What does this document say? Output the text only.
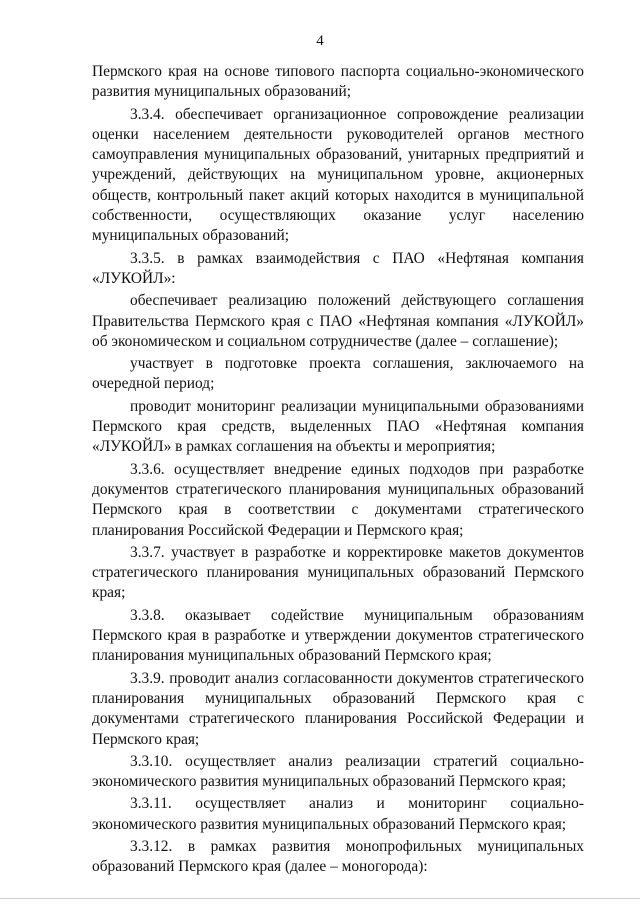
4

Пермского края на основе типового паспорта социально-экономического развития муниципальных образований;

3.3.4. обеспечивает организационное сопровождение реализации оценки населением деятельности руководителей органов местного самоуправления муниципальных образований, унитарных предприятий и учреждений, действующих на муниципальном уровне, акционерных обществ, контрольный пакет акций которых находится в муниципальной собственности, осуществляющих оказание услуг населению муниципальных образований;

3.3.5. в рамках взаимодействия с ПАО «Нефтяная компания «ЛУКОЙЛ»:

обеспечивает реализацию положений действующего соглашения Правительства Пермского края с ПАО «Нефтяная компания «ЛУКОЙЛ» об экономическом и социальном сотрудничестве (далее – соглашение);

участвует в подготовке проекта соглашения, заключаемого на очередной период;

проводит мониторинг реализации муниципальными образованиями Пермского края средств, выделенных ПАО «Нефтяная компания «ЛУКОЙЛ» в рамках соглашения на объекты и мероприятия;

3.3.6. осуществляет внедрение единых подходов при разработке документов стратегического планирования муниципальных образований Пермского края в соответствии с документами стратегического планирования Российской Федерации и Пермского края;

3.3.7. участвует в разработке и корректировке макетов документов стратегического планирования муниципальных образований Пермского края;

3.3.8. оказывает содействие муниципальным образованиям Пермского края в разработке и утверждении документов стратегического планирования муниципальных образований Пермского края;

3.3.9. проводит анализ согласованности документов стратегического планирования муниципальных образований Пермского края с документами стратегического планирования Российской Федерации и Пермского края;

3.3.10. осуществляет анализ реализации стратегий социально-экономического развития муниципальных образований Пермского края;

3.3.11. осуществляет анализ и мониторинг социально-экономического развития муниципальных образований Пермского края;

3.3.12. в рамках развития монопрофильных муниципальных образований Пермского края (далее – моногорода):
